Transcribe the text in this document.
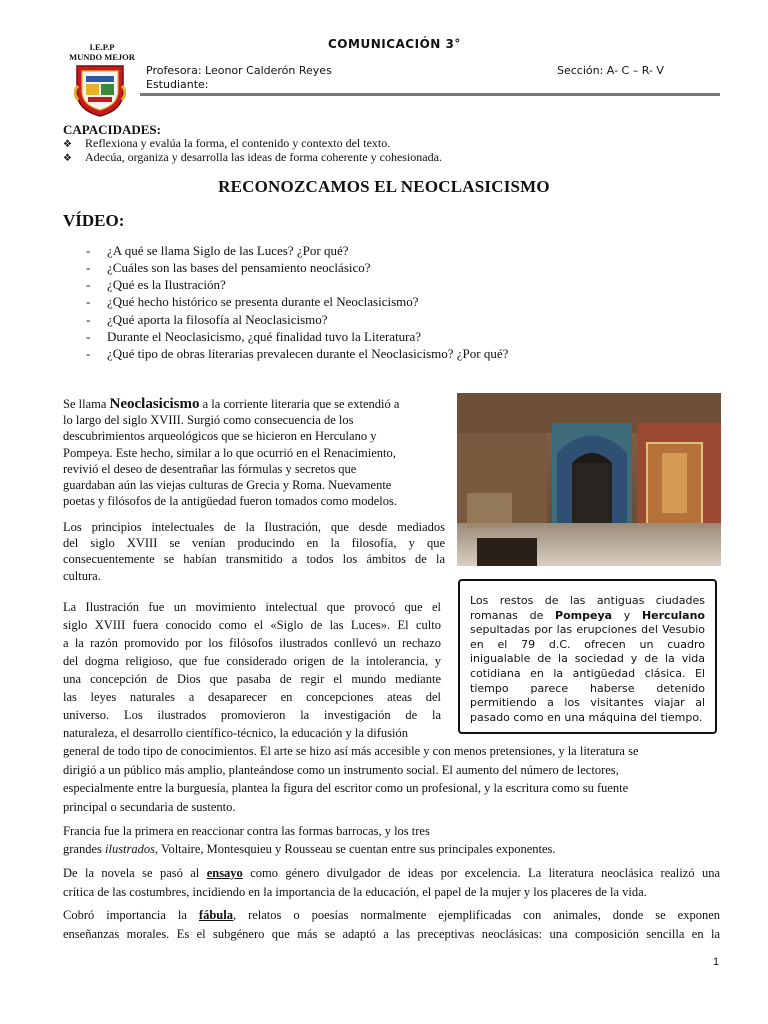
I.E.P.P
MUNDO MEJOR
COMUNICACIÓN 3°
Profesora: Leonor Calderón Reyes
Estudiante:
Sección: A- C – R- V
CAPACIDADES:
❖ Reflexiona y evalúa la forma, el contenido y contexto del texto.
❖ Adecúa, organiza y desarrolla las ideas de forma coherente y cohesionada.
RECONOZCAMOS EL NEOCLASICISMO
VÍDEO:
- ¿A qué se llama Siglo de las Luces? ¿Por qué?
- ¿Cuáles son las bases del pensamiento neoclásico?
- ¿Qué es la Ilustración?
- ¿Qué hecho histórico se presenta durante el Neoclasicismo?
- ¿Qué aporta la filosofía al Neoclasicismo?
- Durante el Neoclasicismo, ¿qué finalidad tuvo la Literatura?
- ¿Qué tipo de obras literarias prevalecen durante el Neoclasicismo? ¿Por qué?
Se llama Neoclasicismo a la corriente literaria que se extendió a
lo largo del siglo XVIII. Surgió como consecuencia de los
descubrimientos arqueológicos que se hicieron en Herculano y
Pompeya. Este hecho, similar a lo que ocurrió en el Renacimiento,
revivió el deseo de desentrañar las fórmulas y secretos que
guardaban aún las viejas culturas de Grecia y Roma. Nuevamente
poetas y filósofos de la antigüedad fueron tomados como modelos.
Los principios intelectuales de la Ilustración, que desde mediados
del siglo XVIII se venían producindo en la filosofía, y que
consecuentemente se habían transmitido a todos los ámbitos de la
cultura.
Los restos de las antiguas ciudades romanas de Pompeya y Herculano sepultadas por las erupciones del Vesubio en el 79 d.C. ofrecen un cuadro inigualable de la sociedad y de la vida cotidiana en la antigüedad clásica. El tiempo parece haberse detenido permitiendo a los visitantes viajar al pasado como en una máquina del tiempo.
La Ilustración fue un movimiento intelectual que provocó que el
siglo XVIII fuera conocido como el «Siglo de las Luces». El culto
a la razón promovido por los filósofos ilustrados conllevó un rechazo
del dogma religioso, que fue considerado origen de la intolerancia, y
una concepción de Dios que pasaba de regir el mundo mediante
las leyes naturales a desaparecer en concepciones ateas del
universo. Los ilustrados promovieron la investigación de la
naturaleza, el desarrollo científico-técnico, la educación y la difusión
general de todo tipo de conocimientos. El arte se hizo así más accesible y con menos pretensiones, y la literatura se
dirigió a un público más amplio, planteándose como un instrumento social. El aumento del número de lectores,
especialmente entre la burguesía, plantea la figura del escritor como un profesional, y la escritura como su fuente
principal o secundaria de sustento.
Francia fue la primera en reaccionar contra las formas barrocas, y los tres
grandes ilustrados, Voltaire, Montesquieu y Rousseau se cuentan entre sus principales exponentes.
De la novela se pasó al ensayo como género divulgador de ideas por excelencia. La literatura neoclásica realizó una
crítica de las costumbres, incidiendo en la importancia de la educación, el papel de la mujer y los placeres de la vida.
Cobró importancia la fábula, relatos o poesías normalmente ejemplificadas con animales, donde se exponen
enseñanzas morales. Es el subgénero que más se adaptó a las preceptivas neoclásicas: una composición sencilla en la
1
